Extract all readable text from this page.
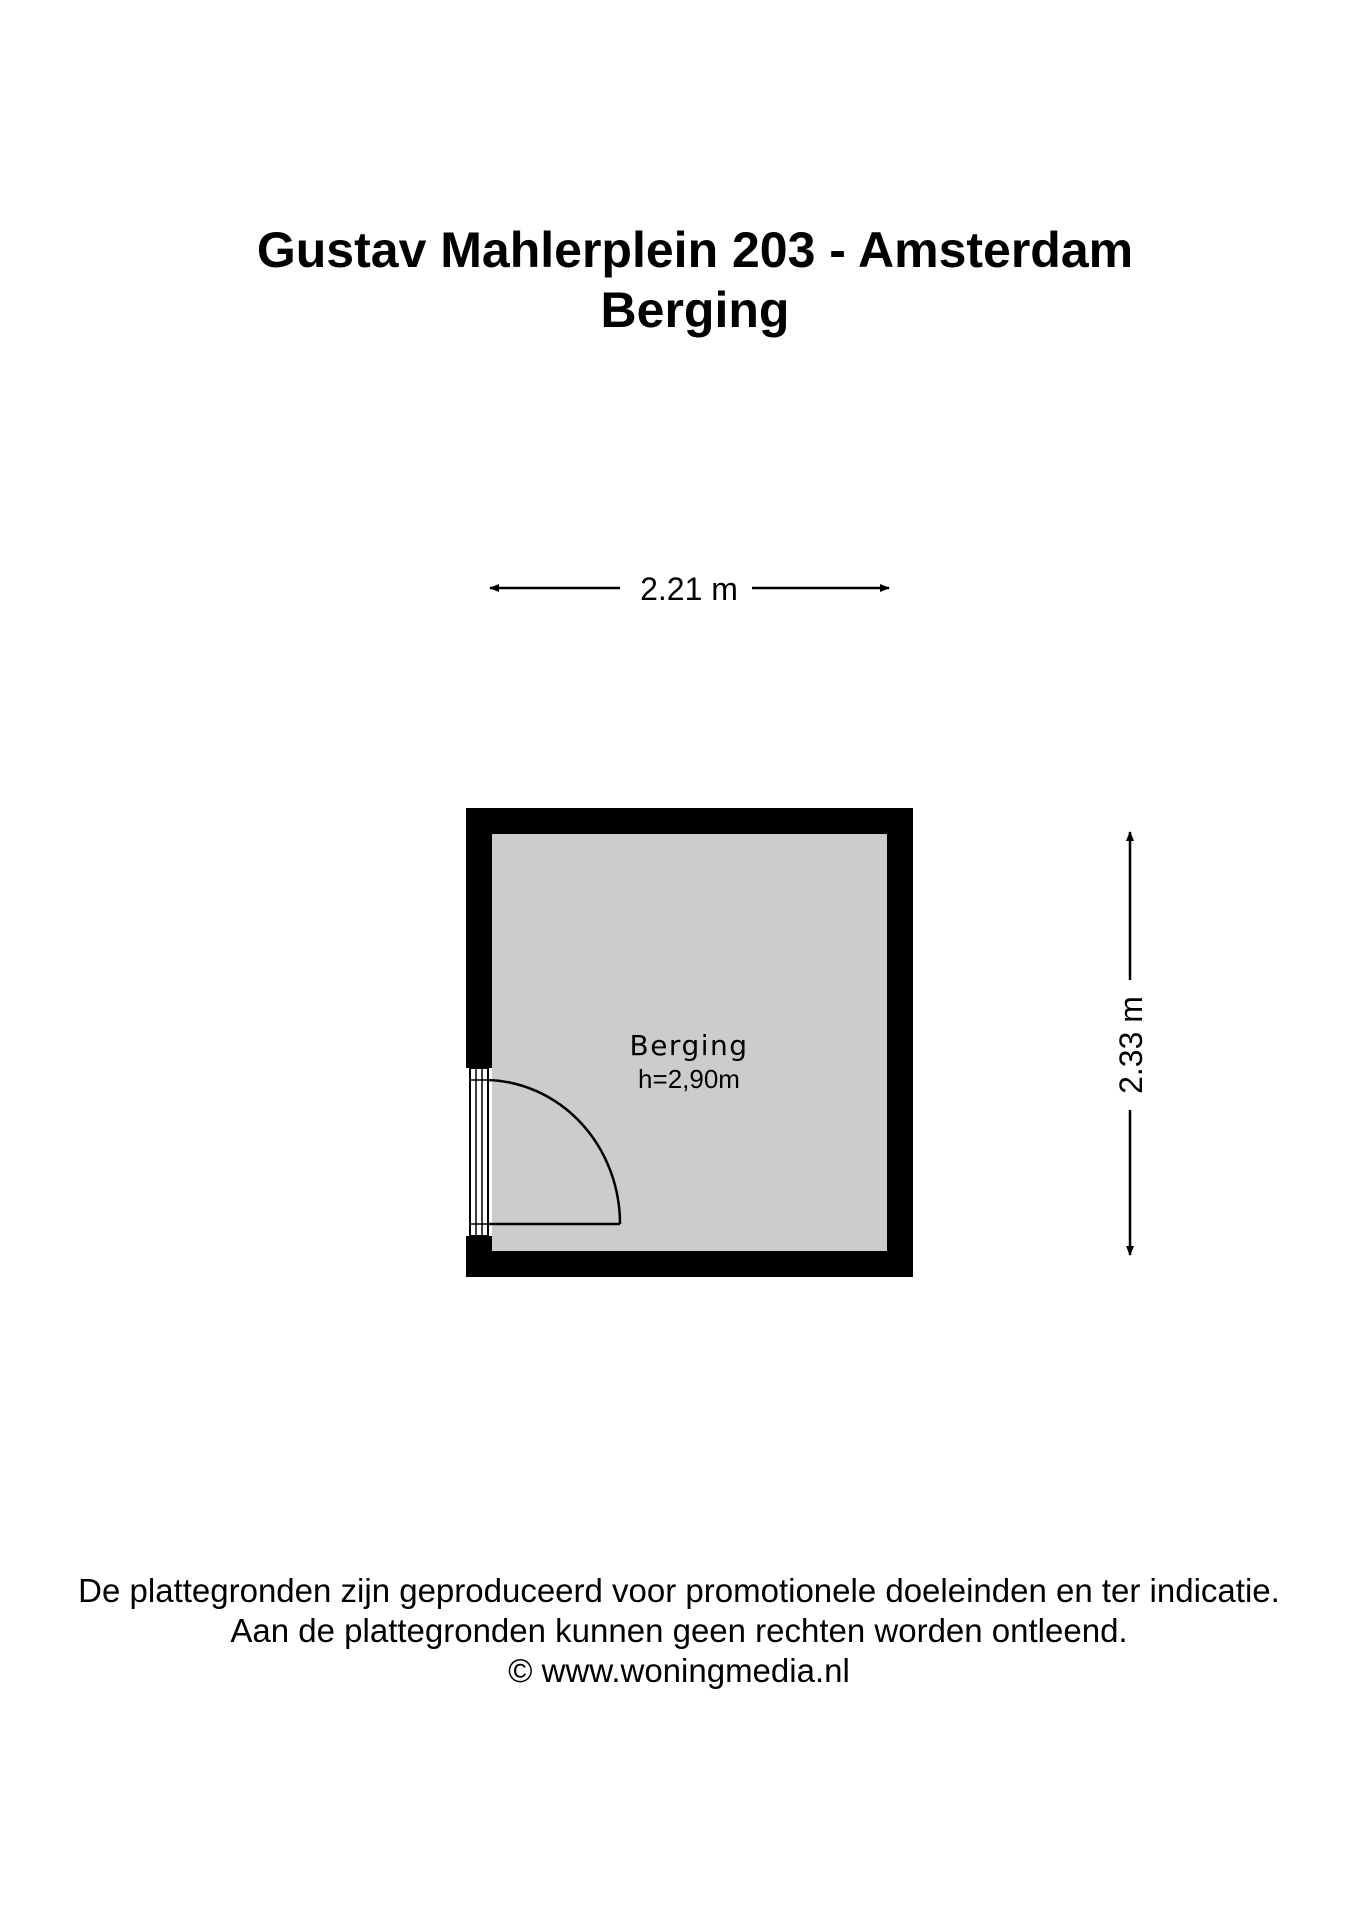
Gustav Mahlerplein 203 - Amsterdam
Berging
2.21 m
2.33 m
Berging
h=2,90m
De plattegronden zijn geproduceerd voor promotionele doeleinden en ter indicatie.
Aan de plattegronden kunnen geen rechten worden ontleend.
© www.woningmedia.nl
